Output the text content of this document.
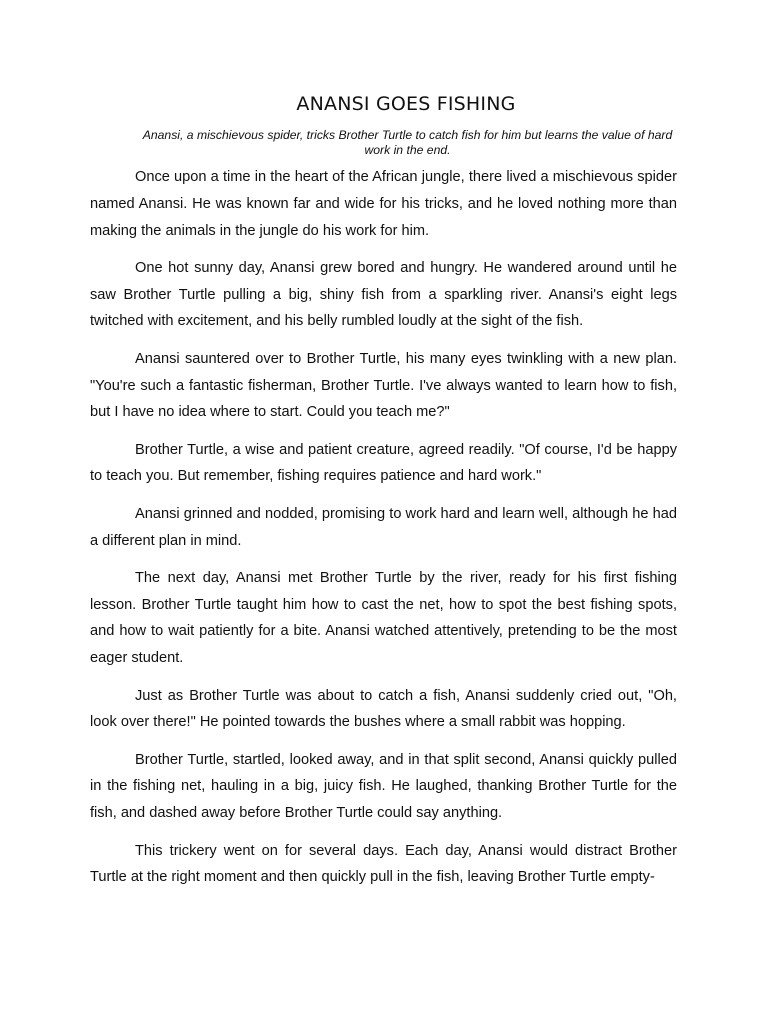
ANANSI GOES FISHING

Anansi, a mischievous spider, tricks Brother Turtle to catch fish for him but learns the value of hard work in the end.

Once upon a time in the heart of the African jungle, there lived a mischievous spider named Anansi. He was known far and wide for his tricks, and he loved nothing more than making the animals in the jungle do his work for him.

One hot sunny day, Anansi grew bored and hungry. He wandered around until he saw Brother Turtle pulling a big, shiny fish from a sparkling river. Anansi's eight legs twitched with excitement, and his belly rumbled loudly at the sight of the fish.

Anansi sauntered over to Brother Turtle, his many eyes twinkling with a new plan. "You're such a fantastic fisherman, Brother Turtle. I've always wanted to learn how to fish, but I have no idea where to start. Could you teach me?"

Brother Turtle, a wise and patient creature, agreed readily. "Of course, I'd be happy to teach you. But remember, fishing requires patience and hard work."

Anansi grinned and nodded, promising to work hard and learn well, although he had a different plan in mind.

The next day, Anansi met Brother Turtle by the river, ready for his first fishing lesson. Brother Turtle taught him how to cast the net, how to spot the best fishing spots, and how to wait patiently for a bite. Anansi watched attentively, pretending to be the most eager student.

Just as Brother Turtle was about to catch a fish, Anansi suddenly cried out, "Oh, look over there!" He pointed towards the bushes where a small rabbit was hopping.

Brother Turtle, startled, looked away, and in that split second, Anansi quickly pulled in the fishing net, hauling in a big, juicy fish. He laughed, thanking Brother Turtle for the fish, and dashed away before Brother Turtle could say anything.

This trickery went on for several days. Each day, Anansi would distract Brother Turtle at the right moment and then quickly pull in the fish, leaving Brother Turtle empty-
